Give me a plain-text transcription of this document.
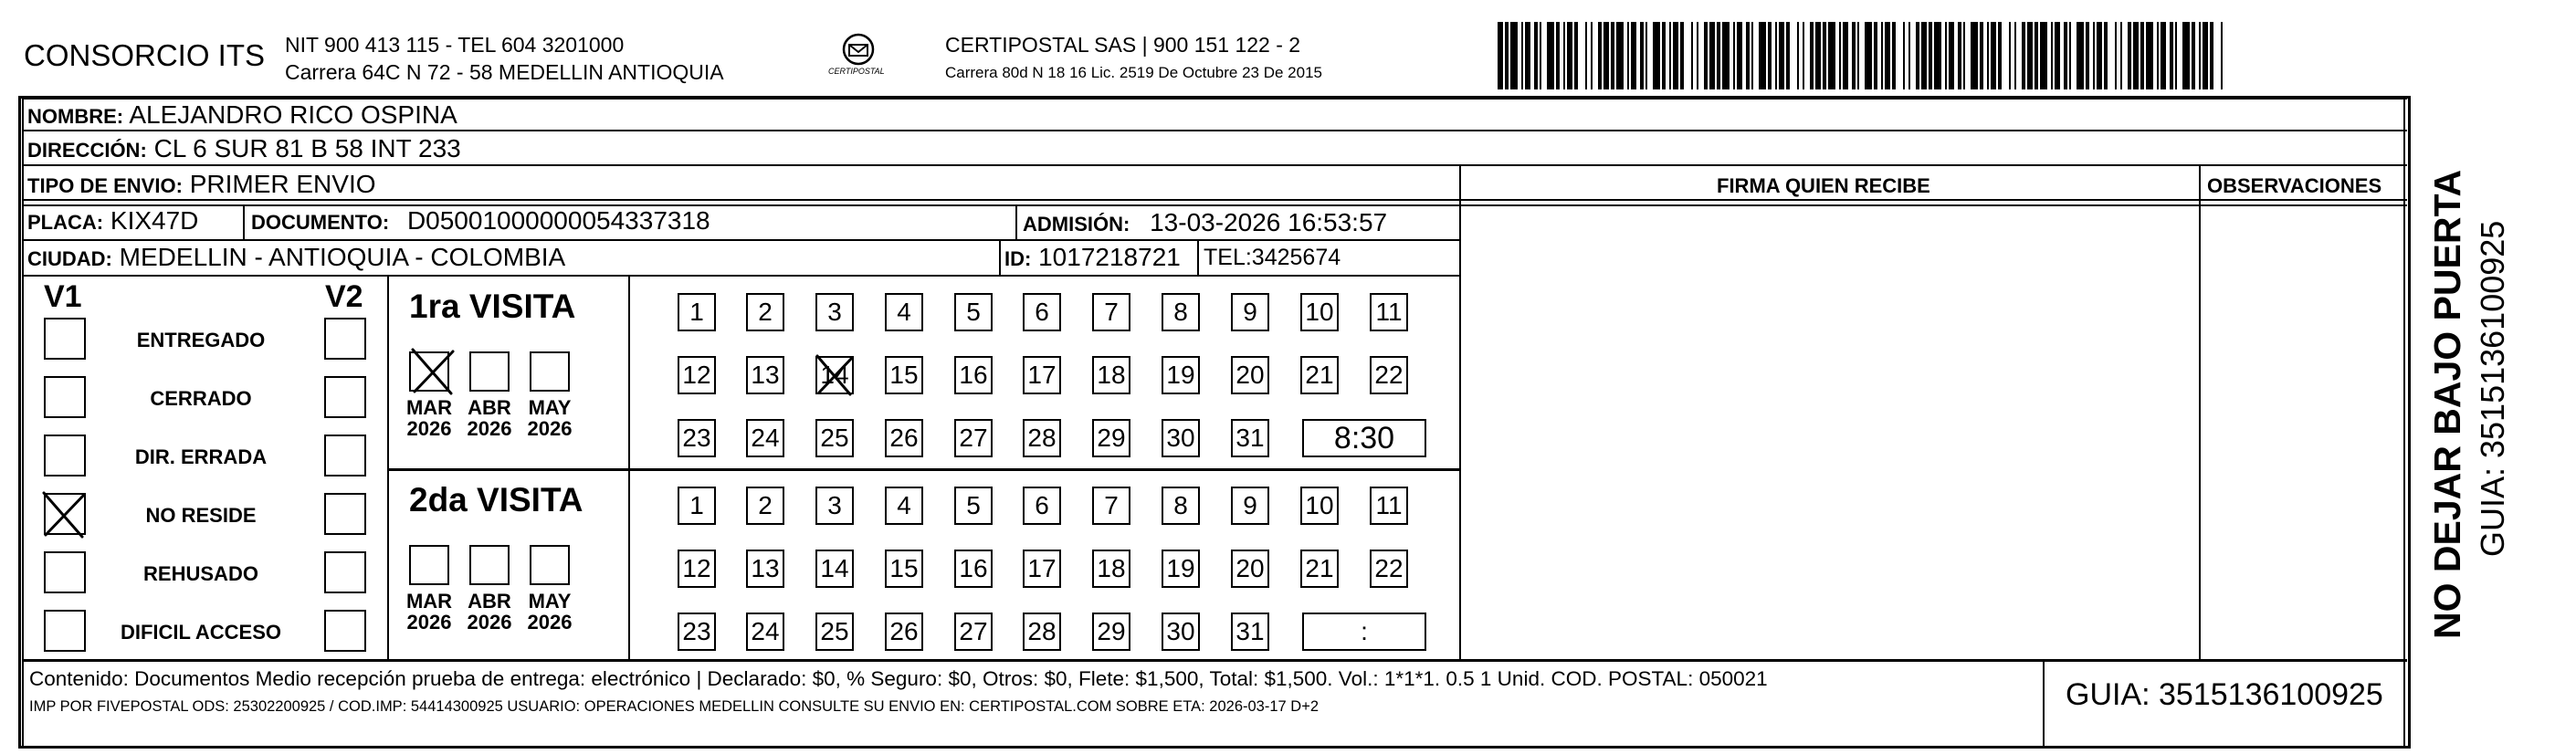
CONSORCIO ITS NIT 900 413 115 - TEL 604 3201000
Carrera 64C N 72 - 58 MEDELLIN ANTIOQUIA	CERTIPOSTAL
CERTIPOSTAL SAS | 900 151 122 - 2
Carrera 80d N 18 16 Lic. 2519 De Octubre 23 De 2015
NOMBRE: ALEJANDRO RICO OSPINA
DIRECCIÓN: CL 6 SUR 81 B 58 INT 233
TIPO DE ENVIO: PRIMER ENVIO	FIRMA QUIEN RECIBE	OBSERVACIONES
PLACA: KIX47D	DOCUMENTO: D05001000000054337318	ADMISIÓN: 13-03-2026 16:53:57
CIUDAD: MEDELLIN - ANTIOQUIA - COLOMBIA	ID: 1017218721 TEL:3425674
V1	V2
ENTREGADO
CERRADO
DIR. ERRADA
NO RESIDE
REHUSADO
DIFICIL ACCESO
1ra VISITA
MAR
2026
ABR
2026
MAY
2026
1	2	3	4	5	6	7	8	9	10 11
12 13 14 15 16 17 18 19 20 21 22
23 24 25 26 27 28 29 30 31	8:30
2da VISITA
MAR
2026
ABR
2026
MAY
2026
1	2	3	4	5	6	7	8	9	10 11
12 13 14 15 16 17 18 19 20 21 22
23 24 25 26 27 28 29 30 31	:
Contenido: Documentos Medio recepción prueba de entrega: electrónico | Declarado: $0, % Seguro: $0, Otros: $0, Flete: $1,500, Total: $1,500. Vol.: 1*1*1. 0.5 1 Unid. COD. POSTAL: 050021
IMP POR FIVEPOSTAL ODS: 25302200925 / COD.IMP: 54414300925 USUARIO: OPERACIONES MEDELLIN CONSULTE SU ENVIO EN: CERTIPOSTAL.COM SOBRE ETA: 2026-03-17 D+2	GUIA: 3515136100925
NO DEJAR BAJO PUERTA GUIA: 3515136100925
